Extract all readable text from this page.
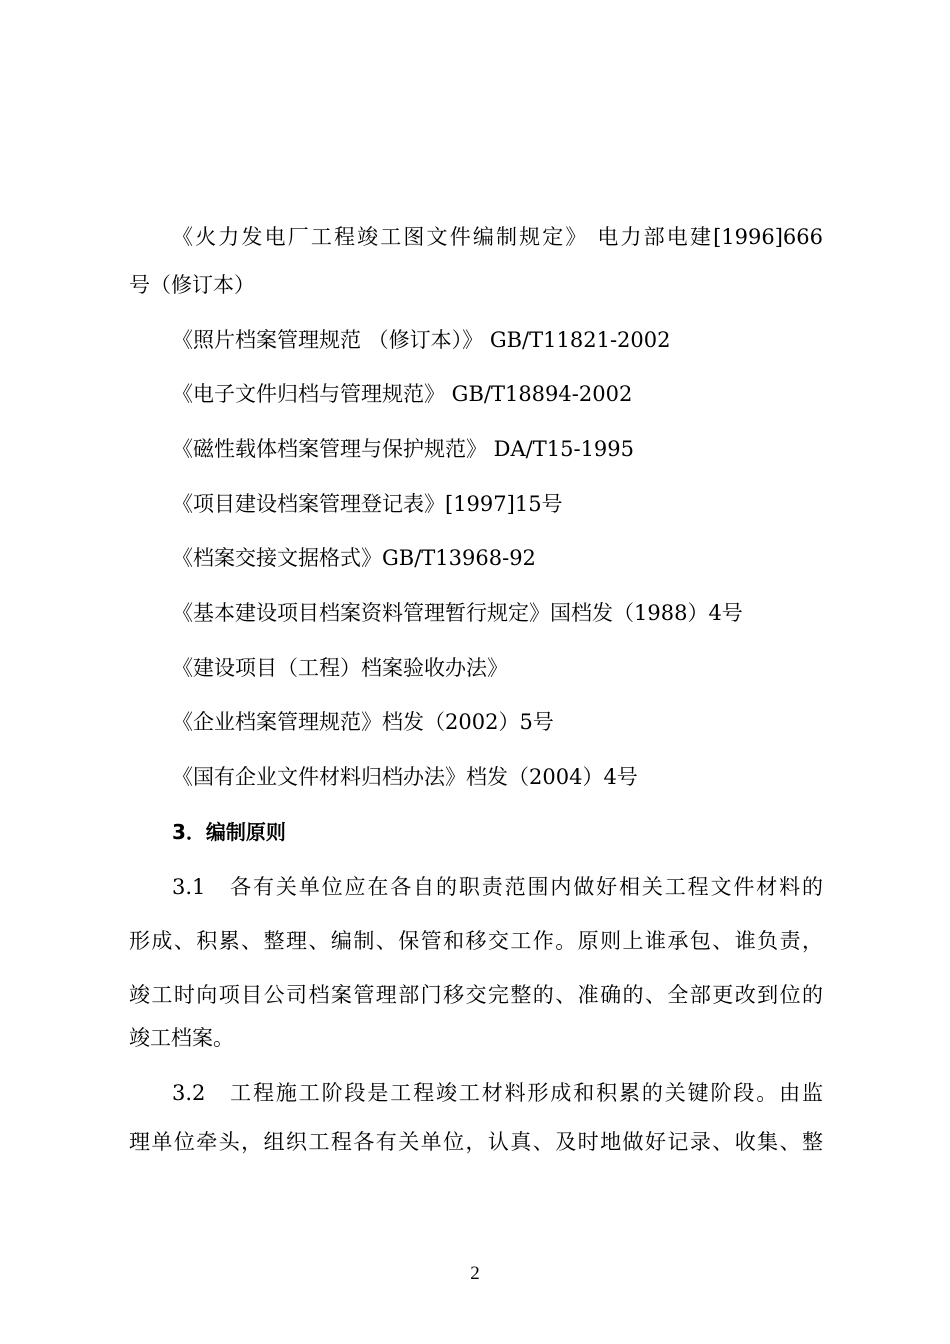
《火力发电厂工程竣工图文件编制规定》 电力部电建[1996]666
号（修订本）
《照片档案管理规范 （修订本）》 GB/T11821-2002
《电子文件归档与管理规范》 GB/T18894-2002
《磁性载体档案管理与保护规范》 DA/T15-1995
《项目建设档案管理登记表》[1997]15号
《档案交接文据格式》GB/T13968-92
《基本建设项目档案资料管理暂行规定》国档发（1988）4号
《建设项目（工程）档案验收办法》
《企业档案管理规范》档发（2002）5号
《国有企业文件材料归档办法》档发（2004）4号
3．编制原则
3.1　各有关单位应在各自的职责范围内做好相关工程文件材料的
形成、积累、整理、编制、保管和移交工作。原则上谁承包、谁负责，
竣工时向项目公司档案管理部门移交完整的、准确的、全部更改到位的
竣工档案。
3.2　工程施工阶段是工程竣工材料形成和积累的关键阶段。由监
理单位牵头，组织工程各有关单位，认真、及时地做好记录、收集、整
2
